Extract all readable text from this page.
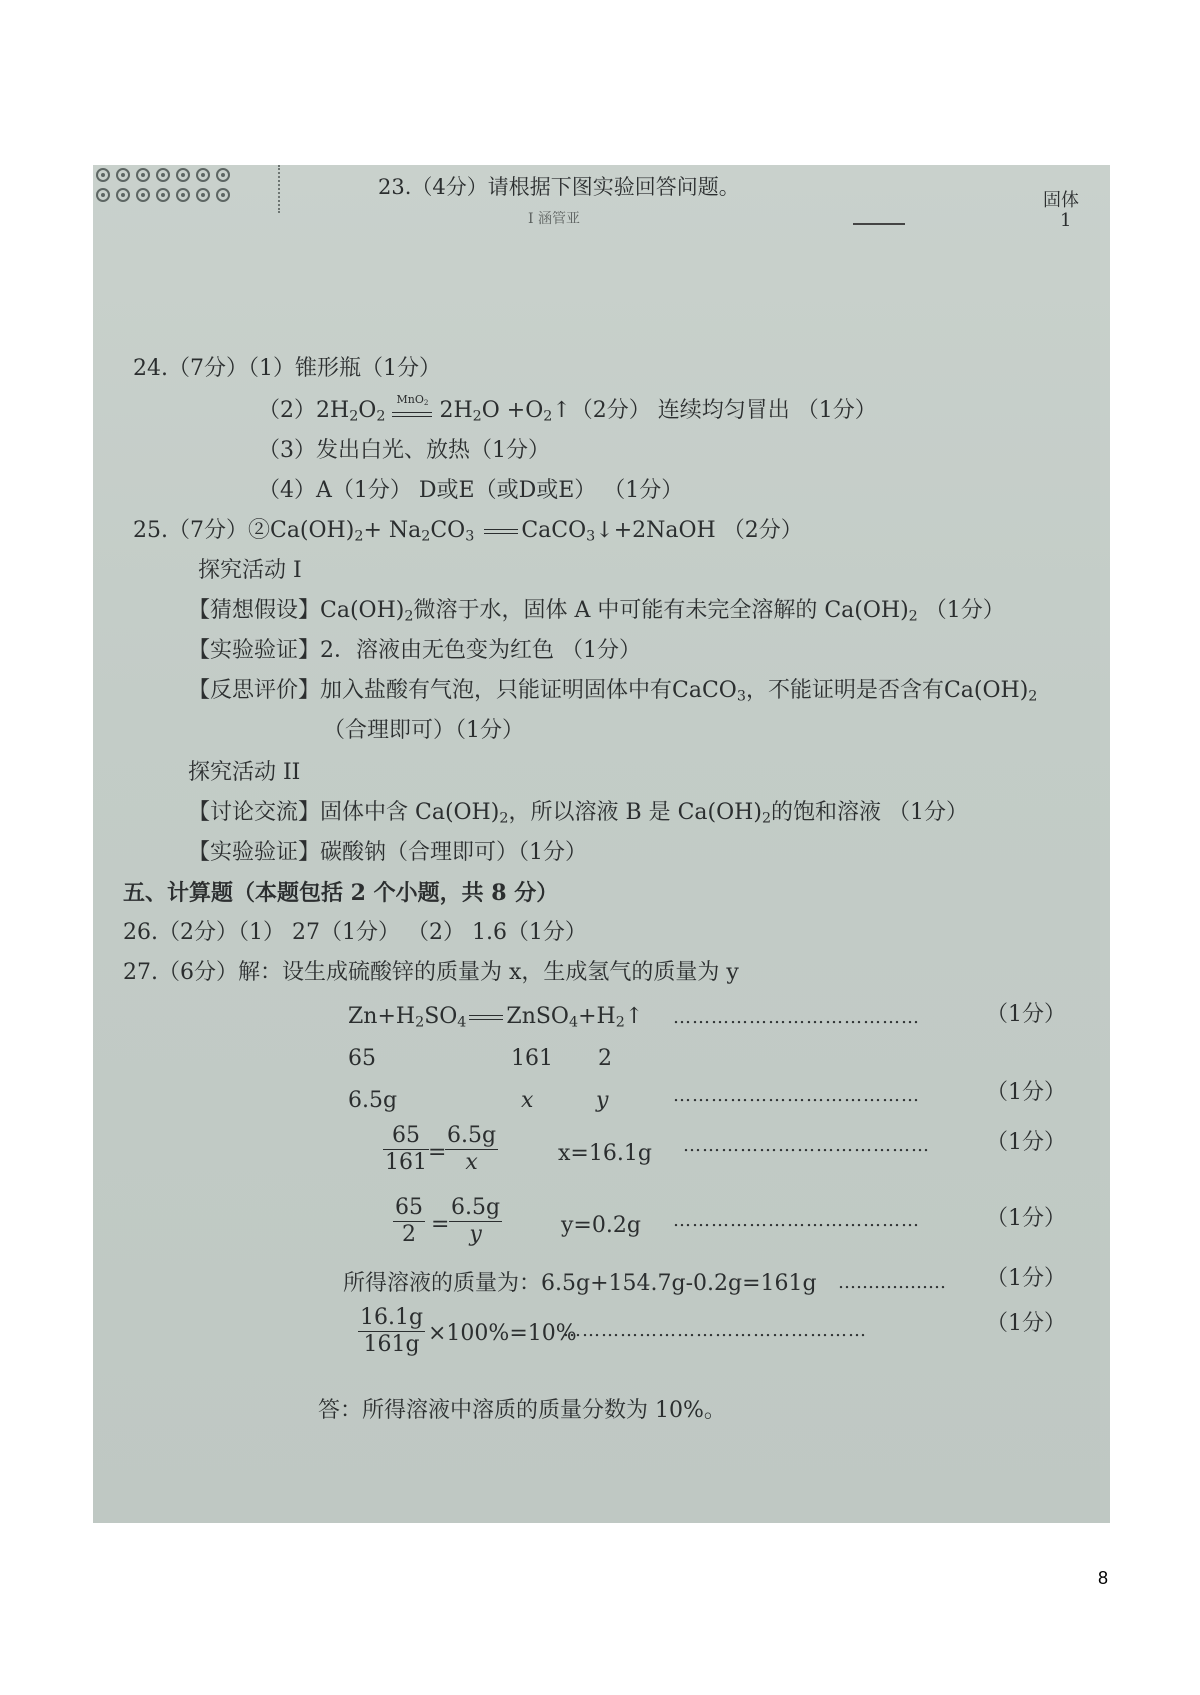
23.（4分）请根据下图实验回答问题。
I 涵管亚
固体
1
24.（7分）（1）锥形瓶（1分）
$(2)2H_2O_2$
MnO$_2$ $2H_2O$ $+O_2↑(2$分） 连续均匀冒出 （1分）
（3）发出白光、放热（1分）
（4）A（1分） D或E（或D或E） （1分）
25.（7分）$②Ca(OH)_2+ Na_2CO_3$ CaCO$_3$↓+2NaOH （2分）
探究活动 I
【猜想假设】$Ca(OH)_2$微溶于水，固体 A 中可能有未完全溶解的 $Ca(OH)_2$ （1分）
【实验验证】2．溶液由无色变为红色 （1分）
【反思评价】加入盐酸有气泡，只能证明固体中有CaCO$_3$，不能证明是否含有$Ca(OH)_2$
（合理即可）（1分）
探究活动 II
【讨论交流】固体中含 $Ca(OH)_2$，所以溶液 B 是 $Ca(OH)_2$的饱和溶液 （1分）
【实验验证】碳酸钠（合理即可）（1分）
五、计算题（本题包括 2 个小题，共 8 分）
26.（2分）（1） 27（1分） （2） 1.6（1分）
27.（6分）解：设生成硫酸锌的质量为 x，生成氢气的质量为 y
$Zn+H_2SO_4$ $ZnSO_4+H_2↑$ …………………………………	（1分）
65	161 2
6.5g	x	y	…………………………………	（1分）
$\frac{65}{161}$ =
$\frac{6.5g}{x}$	x=16.1g …………………………………	（1分）
$\frac{65}{2} = \frac{6.5g}{y}$	y=0.2g …………………………………	（1分）
所得溶液的质量为：6.5g+154.7g-0.2g=161g ……………… （1分）
$\frac{16.1g}{161g} \times 100\%=10\%$
…………………………………………	（1分）
答：所得溶液中溶质的质量分数为 10%。
8
